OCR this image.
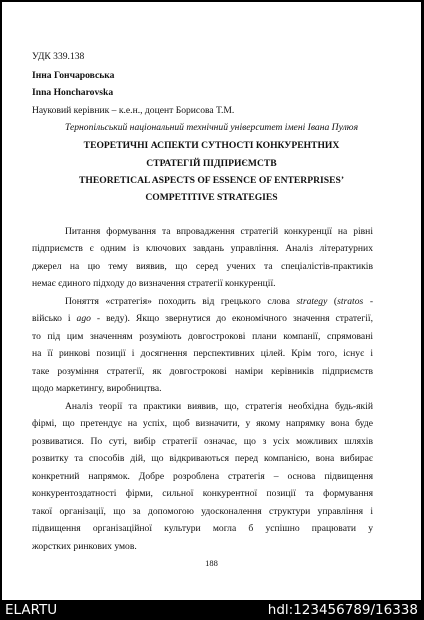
УДК 339.138
Інна Гончаровська
Inna Honcharovska
Науковий керівник – к.е.н., доцент Борисова Т.М.
Тернопільський національний технічний університет імені Івана Пулюя
ТЕОРЕТИЧНІ АСПЕКТИ СУТНОСТІ КОНКУРЕНТНИХ
СТРАТЕГІЙ ПІДПРИЄМСТВ
THEORETICAL ASPECTS OF ESSENCE OF ENTERPRISES’
COMPETITIVE STRATEGIES
Питання формування та впровадження стратегій конкуренції на рівні
підприємств є одним із ключових завдань управління. Аналіз літературних
джерел на цю тему виявив, що серед учених та спеціалістів-практиків
немає єдиного підходу до визначення стратегії конкуренції.
Поняття «стратегія» походить від грецького слова strategy (stratos -
військо і ago - веду). Якщо звернутися до економічного значення стратегії,
то під цим значенням розуміють довгострокові плани компанії, спрямовані
на її ринкові позиції і досягнення перспективних цілей. Крім того, існує і
таке розуміння стратегії, як довгострокові наміри керівників підприємств
щодо маркетингу, виробництва.
Аналіз теорії та практики виявив, що, стратегія необхідна будь-якій
фірмі, що претендує на успіх, щоб визначити, у якому напрямку вона буде
розвиватися. По суті, вибір стратегії означає, що з усіх можливих шляхів
розвитку та способів дій, що відкриваються перед компанією, вона вибирає
конкретний напрямок. Добре розроблена стратегія – основа підвищення
конкурентоздатності фірми, сильної конкурентної позиції та формування
такої організації, що за допомогою удосконалення структури управління і
підвищення організаційної культури могла б успішно працювати у
жорстких ринкових умов.
188
ELARTU	hdl:123456789/16338
